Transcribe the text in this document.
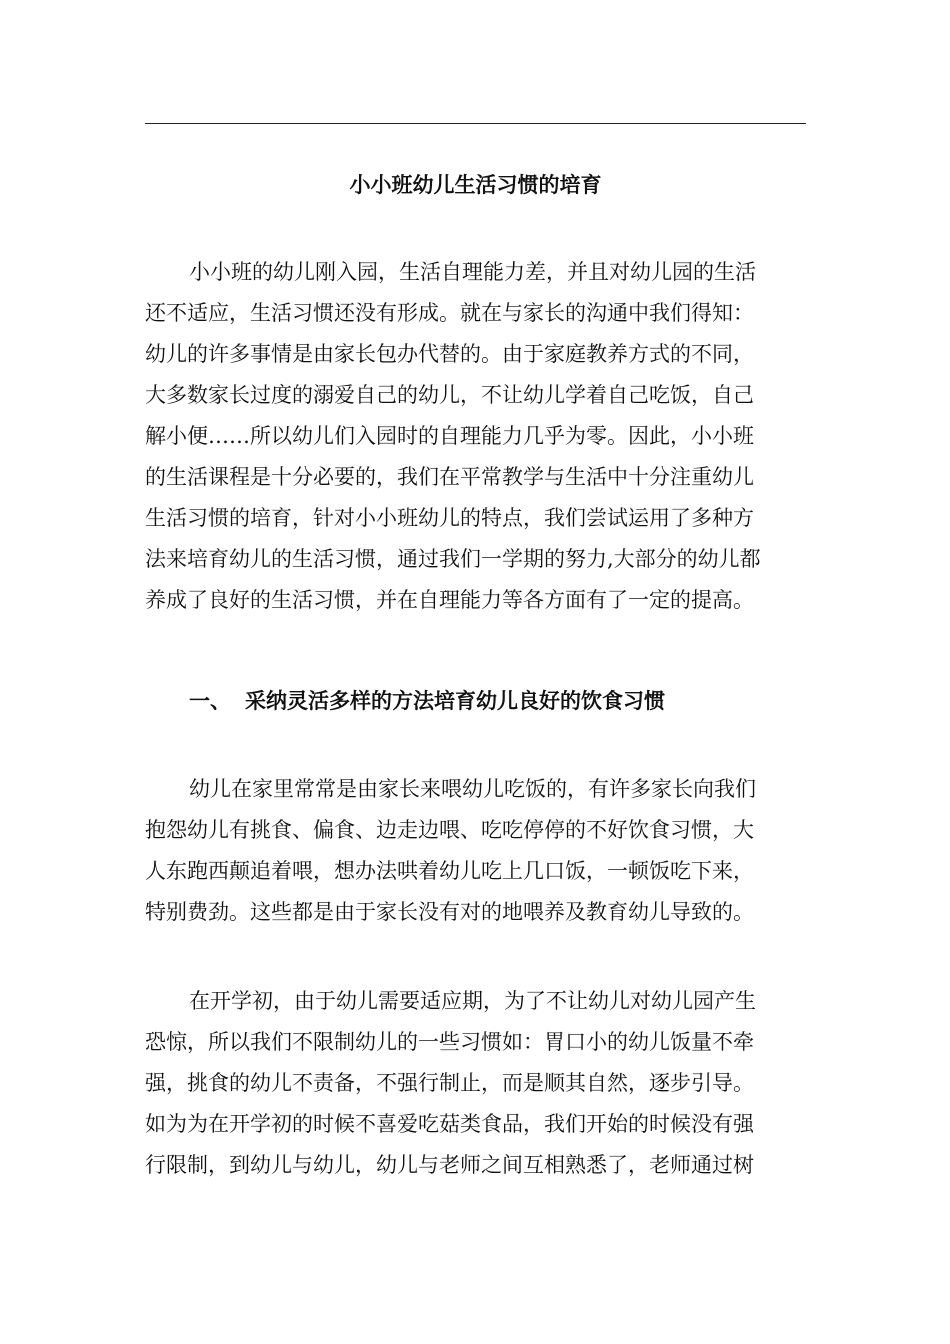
小小班幼儿生活习惯的培育
小小班的幼儿刚入园，生活自理能力差，并且对幼儿园的生活
还不适应，生活习惯还没有形成。就在与家长的沟通中我们得知：
幼儿的许多事情是由家长包办代替的。由于家庭教养方式的不同，
大多数家长过度的溺爱自己的幼儿，不让幼儿学着自己吃饭，自己
解小便……所以幼儿们入园时的自理能力几乎为零。因此，小小班
的生活课程是十分必要的，我们在平常教学与生活中十分注重幼儿
生活习惯的培育，针对小小班幼儿的特点，我们尝试运用了多种方
法来培育幼儿的生活习惯，通过我们一学期的努力,大部分的幼儿都
养成了良好的生活习惯，并在自理能力等各方面有了一定的提高。
一、 采纳灵活多样的方法培育幼儿良好的饮食习惯
幼儿在家里常常是由家长来喂幼儿吃饭的，有许多家长向我们
抱怨幼儿有挑食、偏食、边走边喂、吃吃停停的不好饮食习惯，大
人东跑西颠追着喂，想办法哄着幼儿吃上几口饭，一顿饭吃下来，
特别费劲。这些都是由于家长没有对的地喂养及教育幼儿导致的。
在开学初，由于幼儿需要适应期，为了不让幼儿对幼儿园产生
恐惊，所以我们不限制幼儿的一些习惯如：胃口小的幼儿饭量不牵
强，挑食的幼儿不责备，不强行制止，而是顺其自然，逐步引导。
如为为在开学初的时候不喜爱吃菇类食品，我们开始的时候没有强
行限制，到幼儿与幼儿，幼儿与老师之间互相熟悉了，老师通过树
